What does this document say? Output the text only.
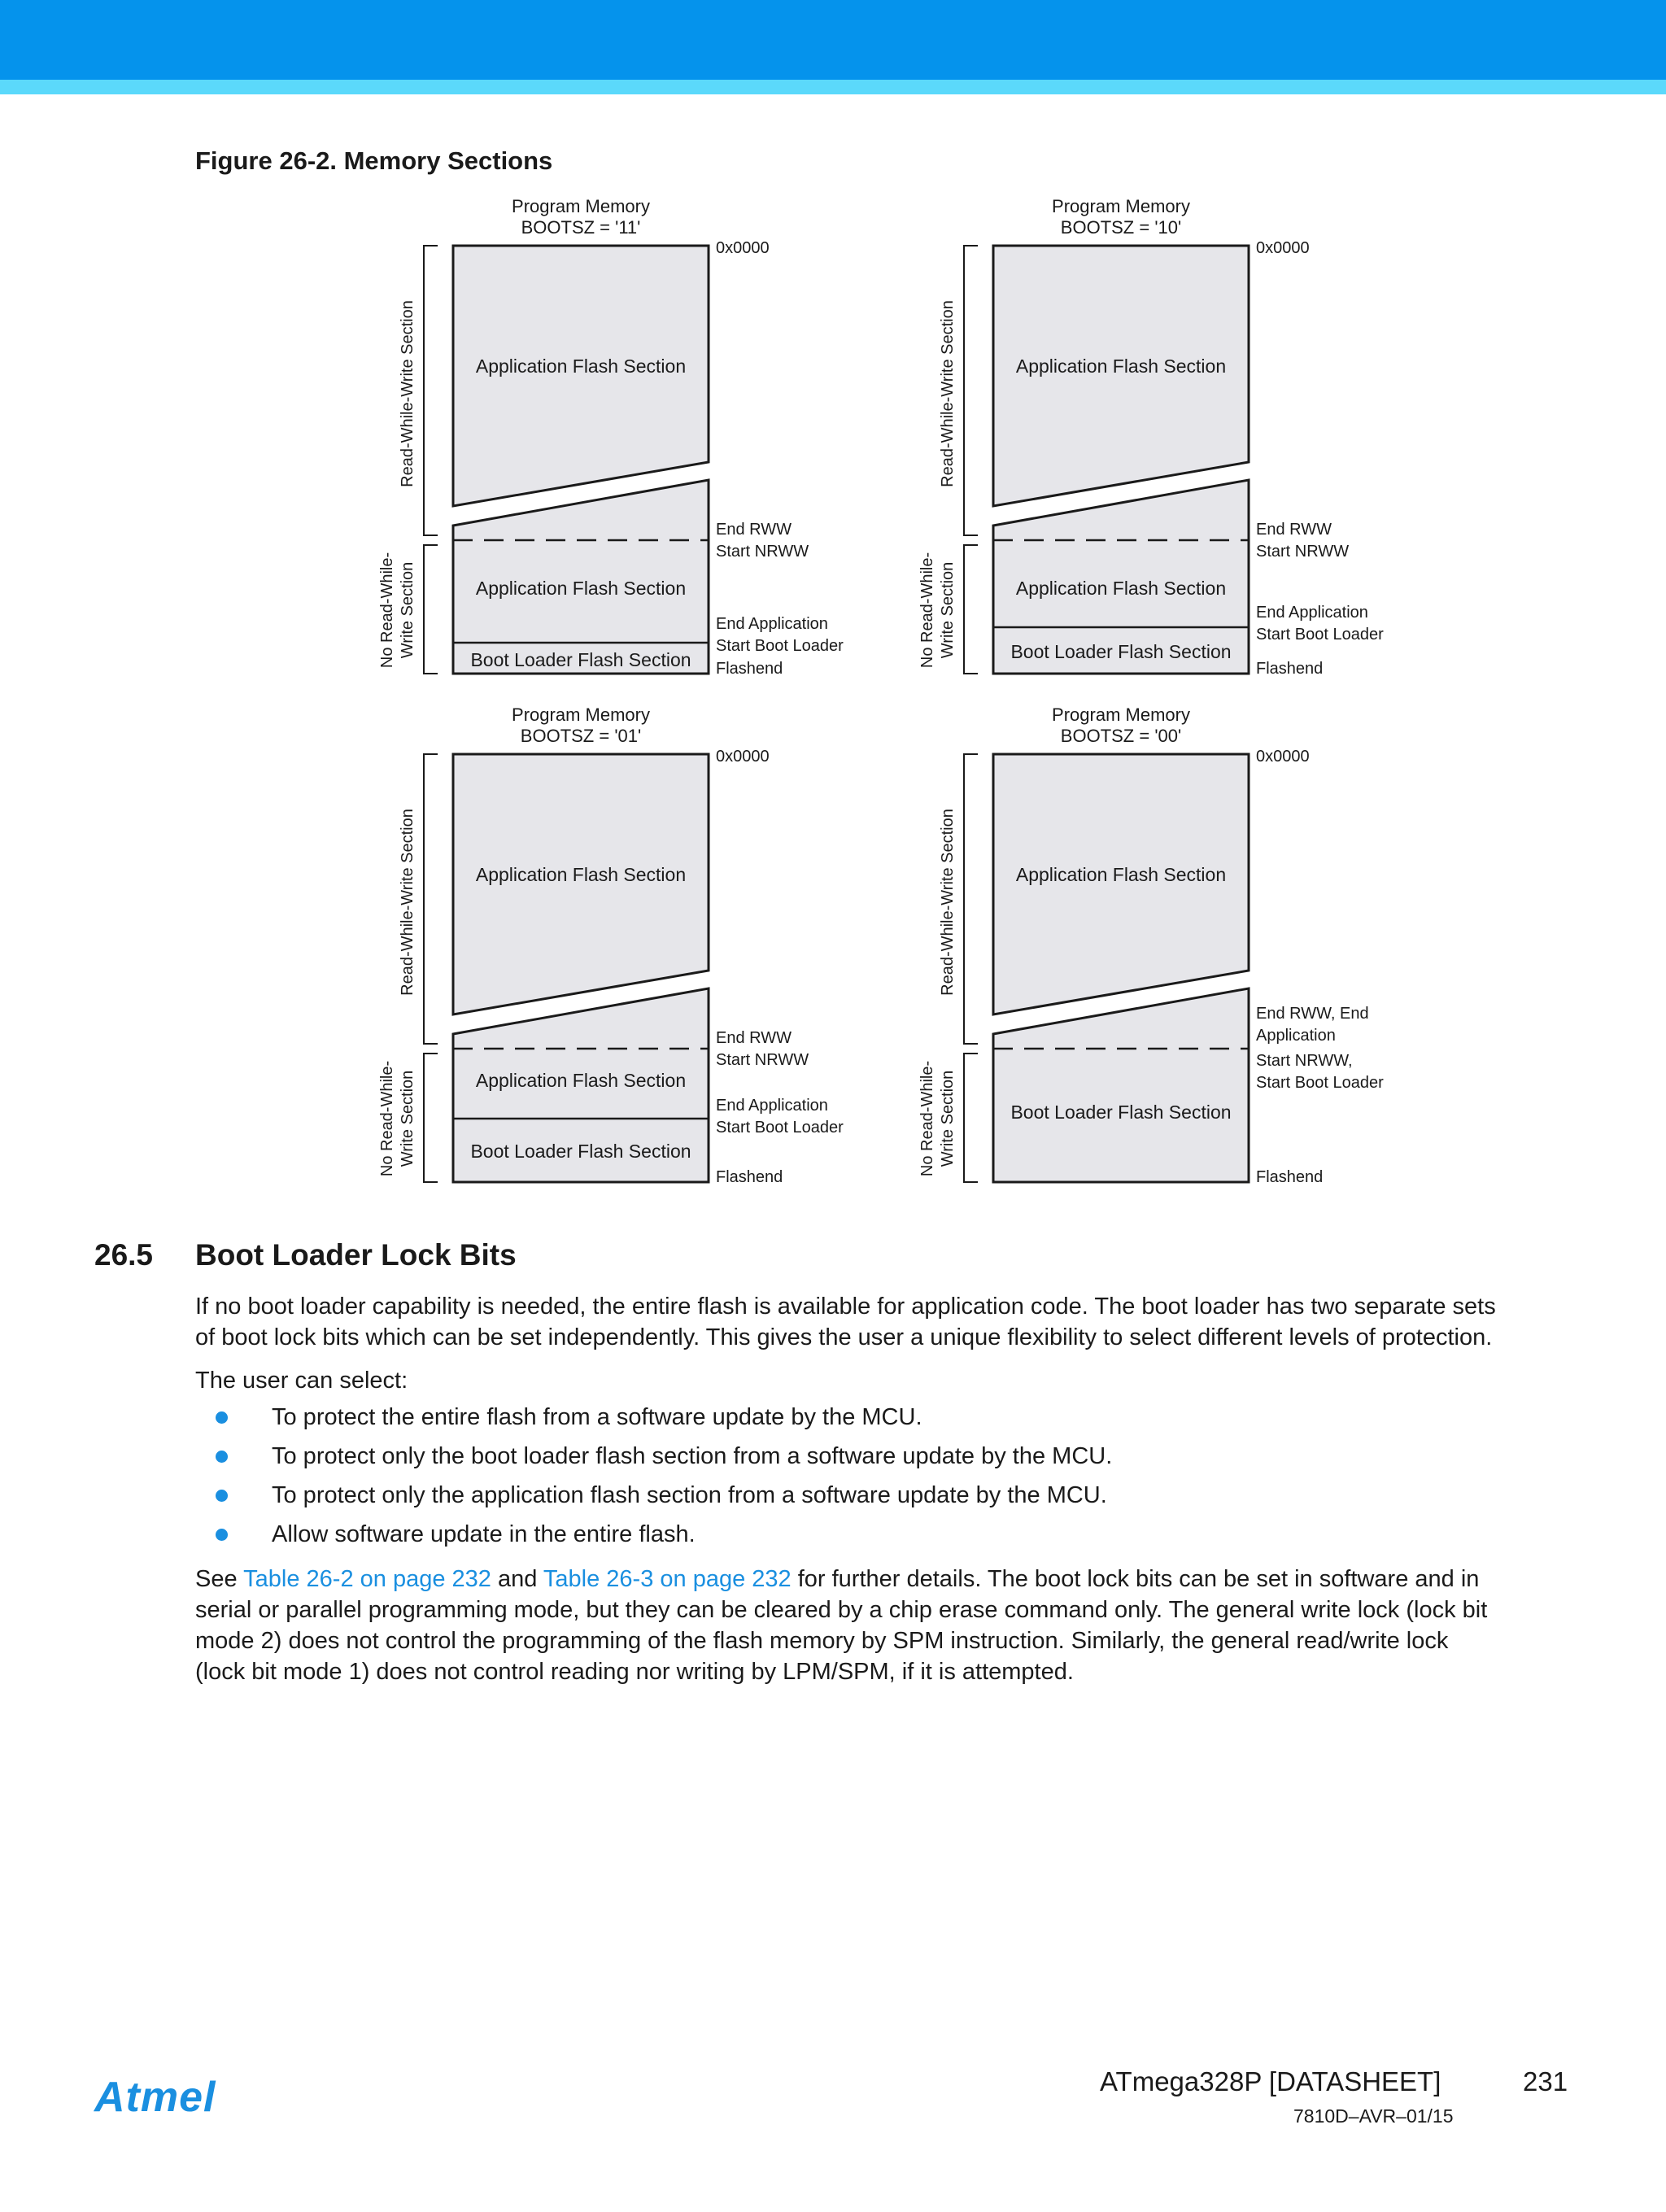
Figure 26-2. Memory Sections
Program Memory
BOOTSZ = '11'
0x0000
Application Flash Section
Application Flash Section
Boot Loader Flash Section
End RWW
Start NRWW
End Application
Start Boot Loader
Flashend
Read-While-Write Section
No Read-While- Write Section
Program Memory
BOOTSZ = '10'
0x0000
Application Flash Section
Application Flash Section
Boot Loader Flash Section
End RWW
Start NRWW
End Application
Start Boot Loader
Flashend
Read-While-Write Section
No Read-While- Write Section
Program Memory
BOOTSZ = '01'
0x0000
Application Flash Section
Application Flash Section
Boot Loader Flash Section
End RWW
Start NRWW
End Application
Start Boot Loader
Flashend
Read-While-Write Section
No Read-While- Write Section
Program Memory
BOOTSZ = '00'
0x0000
Application Flash Section
Boot Loader Flash Section
End RWW, End
Application
Start NRWW,
Start Boot Loader
Flashend
Read-While-Write Section
No Read-While- Write Section
26.5 Boot Loader Lock Bits
If no boot loader capability is needed, the entire flash is available for application code. The boot loader has two separate sets
of boot lock bits which can be set independently. This gives the user a unique flexibility to select different levels of protection.
The user can select:
To protect the entire flash from a software update by the MCU.
To protect only the boot loader flash section from a software update by the MCU.
To protect only the application flash section from a software update by the MCU.
Allow software update in the entire flash.
See Table 26-2 on page 232 and Table 26-3 on page 232 for further details. The boot lock bits can be set in software and in
serial or parallel programming mode, but they can be cleared by a chip erase command only. The general write lock (lock bit
mode 2) does not control the programming of the flash memory by SPM instruction. Similarly, the general read/write lock
(lock bit mode 1) does not control reading nor writing by LPM/SPM, if it is attempted.
Atmel	ATmega328P [DATASHEET]	231
7810D–AVR–01/15
